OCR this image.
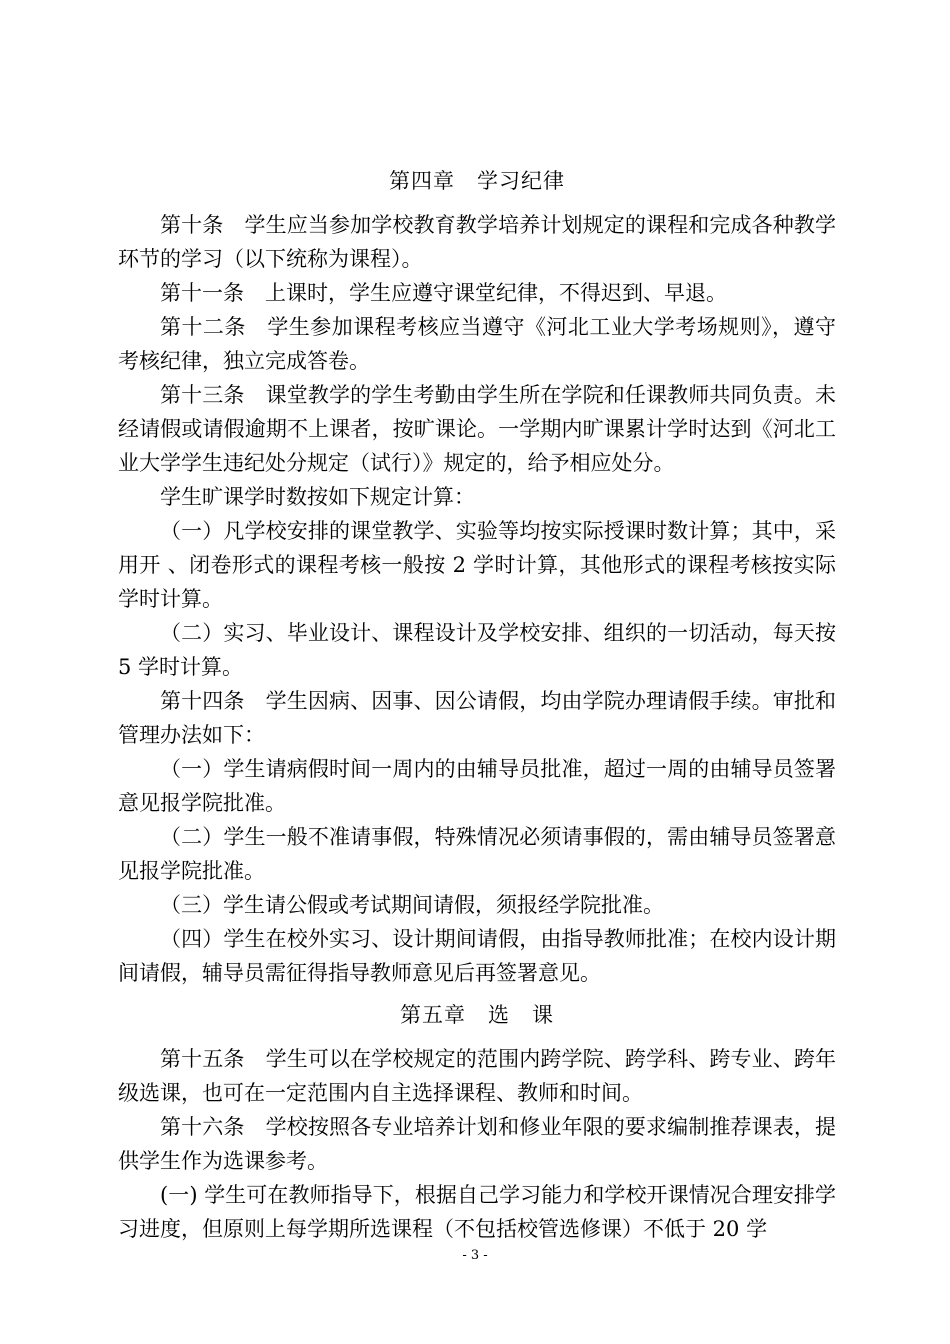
第四章　学习纪律

第十条　学生应当参加学校教育教学培养计划规定的课程和完成各种教学环节的学习（以下统称为课程）。

第十一条　上课时，学生应遵守课堂纪律，不得迟到、早退。

第十二条　学生参加课程考核应当遵守《河北工业大学考场规则》，遵守考核纪律，独立完成答卷。

第十三条　课堂教学的学生考勤由学生所在学院和任课教师共同负责。未经请假或请假逾期不上课者，按旷课论。一学期内旷课累计学时达到《河北工业大学学生违纪处分规定（试行）》规定的，给予相应处分。

学生旷课学时数按如下规定计算：

（一）凡学校安排的课堂教学、实验等均按实际授课时数计算；其中，采用开 、闭卷形式的课程考核一般按 2 学时计算，其他形式的课程考核按实际学时计算。

（二）实习、毕业设计、课程设计及学校安排、组织的一切活动，每天按 5 学时计算。

第十四条　学生因病、因事、因公请假，均由学院办理请假手续。审批和管理办法如下：

（一）学生请病假时间一周内的由辅导员批准，超过一周的由辅导员签署意见报学院批准。

（二）学生一般不准请事假，特殊情况必须请事假的，需由辅导员签署意见报学院批准。

（三）学生请公假或考试期间请假，须报经学院批准。

（四）学生在校外实习、设计期间请假，由指导教师批准；在校内设计期间请假，辅导员需征得指导教师意见后再签署意见。

第五章　选　课

第十五条　学生可以在学校规定的范围内跨学院、跨学科、跨专业、跨年级选课，也可在一定范围内自主选择课程、教师和时间。

第十六条　学校按照各专业培养计划和修业年限的要求编制推荐课表，提供学生作为选课参考。

(一) 学生可在教师指导下，根据自己学习能力和学校开课情况合理安排学习进度，但原则上每学期所选课程（不包括校管选修课）不低于 20 学

- 3 -
